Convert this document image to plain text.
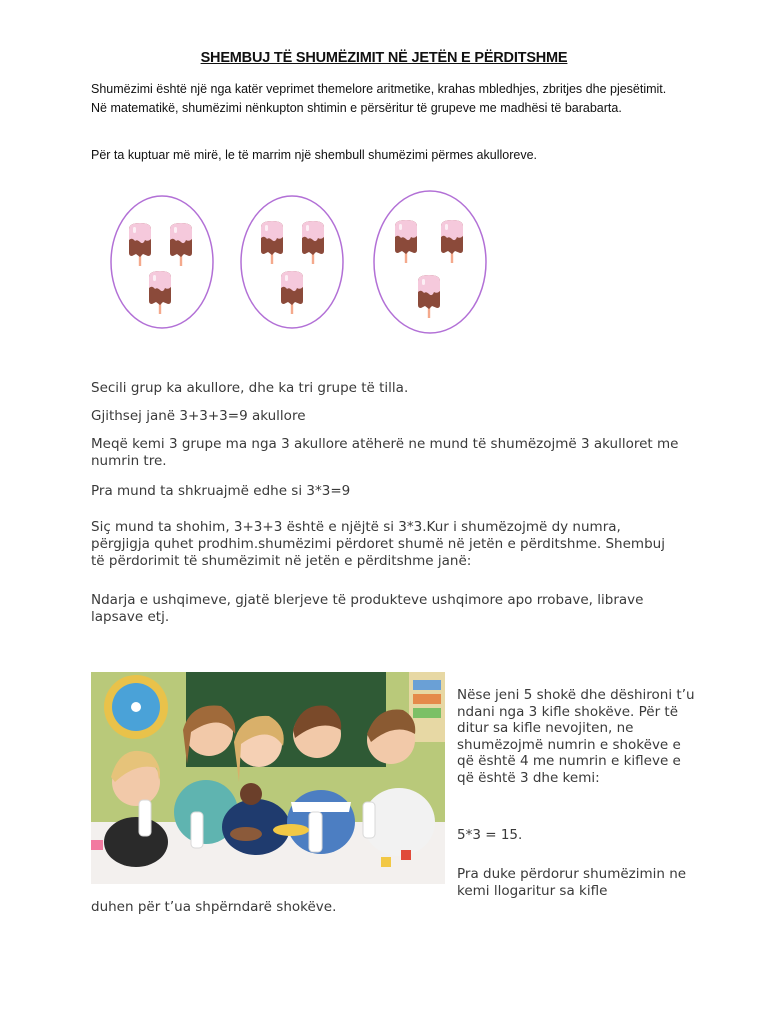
SHEMBUJ TË SHUMËZIMIT NË JETËN E PËRDITSHME

Shumëzimi është një nga katër veprimet themelore aritmetike, krahas mbledhjes, zbritjes dhe pjesëtimit. Në matematikë, shumëzimi nënkupton shtimin e përsëritur të grupeve me madhësi të barabarta.

Për ta kuptuar më mirë, le të marrim një shembull shumëzimi përmes akulloreve.

Secili grup ka akullore, dhe ka tri grupe të tilla.

Gjithsej janë 3+3+3=9 akullore

Meqë kemi 3 grupe ma nga 3 akullore atëherë ne mund të shumëzojmë 3 akulloret me numrin tre.

Pra mund ta shkruajmë edhe si 3*3=9

Siç mund ta shohim, 3+3+3 është e njëjtë si 3*3.Kur i shumëzojmë dy numra, përgjigja quhet prodhim.shumëzimi përdoret shumë në jetën e përditshme. Shembuj të përdorimit të shumëzimit në jetën e përditshme janë:

Ndarja e ushqimeve, gjatë blerjeve të produkteve ushqimore apo rrobave, librave lapsave etj.

Nëse jeni 5 shokë dhe dëshironi t’u ndani nga 3 kifle shokëve. Për të ditur sa kifle nevojiten, ne shumëzojmë numrin e shokëve e që është 4 me numrin e kifleve e që është 3 dhe kemi:

5*3 = 15.

Pra duke përdorur shumëzimin ne kemi llogaritur sa kifle

duhen për t’ua shpërndarë shokëve.
